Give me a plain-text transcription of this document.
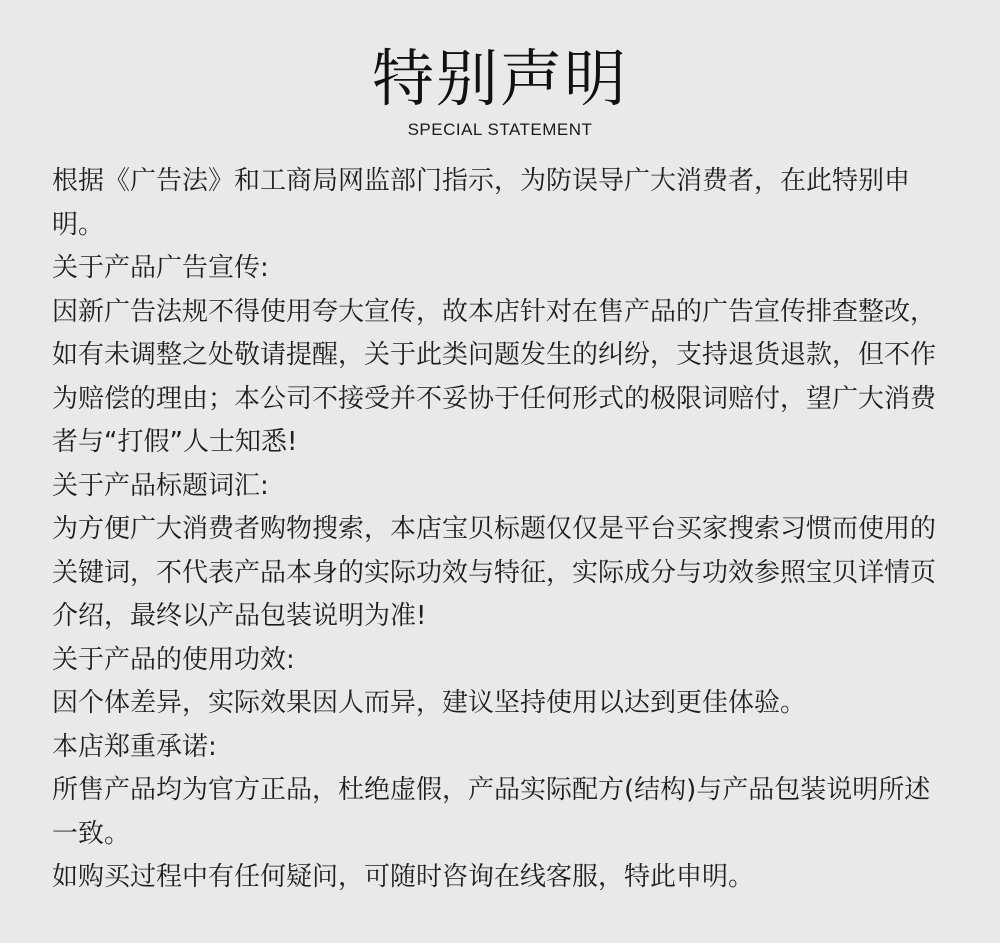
特别声明
SPECIAL STATEMENT

根据《广告法》和工商局网监部门指示，为防误导广大消费者，在此特别申明。

关于产品广告宣传:

因新广告法规不得使用夸大宣传，故本店针对在售产品的广告宣传排查整改，如有未调整之处敬请提醒，关于此类问题发生的纠纷，支持退货退款，但不作为赔偿的理由；本公司不接受并不妥协于任何形式的极限词赔付，望广大消费者与“打假”人士知悉!

关于产品标题词汇:

为方便广大消费者购物搜索，本店宝贝标题仅仅是平台买家搜索习惯而使用的关键词，不代表产品本身的实际功效与特征，实际成分与功效参照宝贝详情页介绍，最终以产品包装说明为准!

关于产品的使用功效:

因个体差异，实际效果因人而异，建议坚持使用以达到更佳体验。

本店郑重承诺:

所售产品均为官方正品，杜绝虚假，产品实际配方(结构)与产品包装说明所述一致。

如购买过程中有任何疑问，可随时咨询在线客服，特此申明。
